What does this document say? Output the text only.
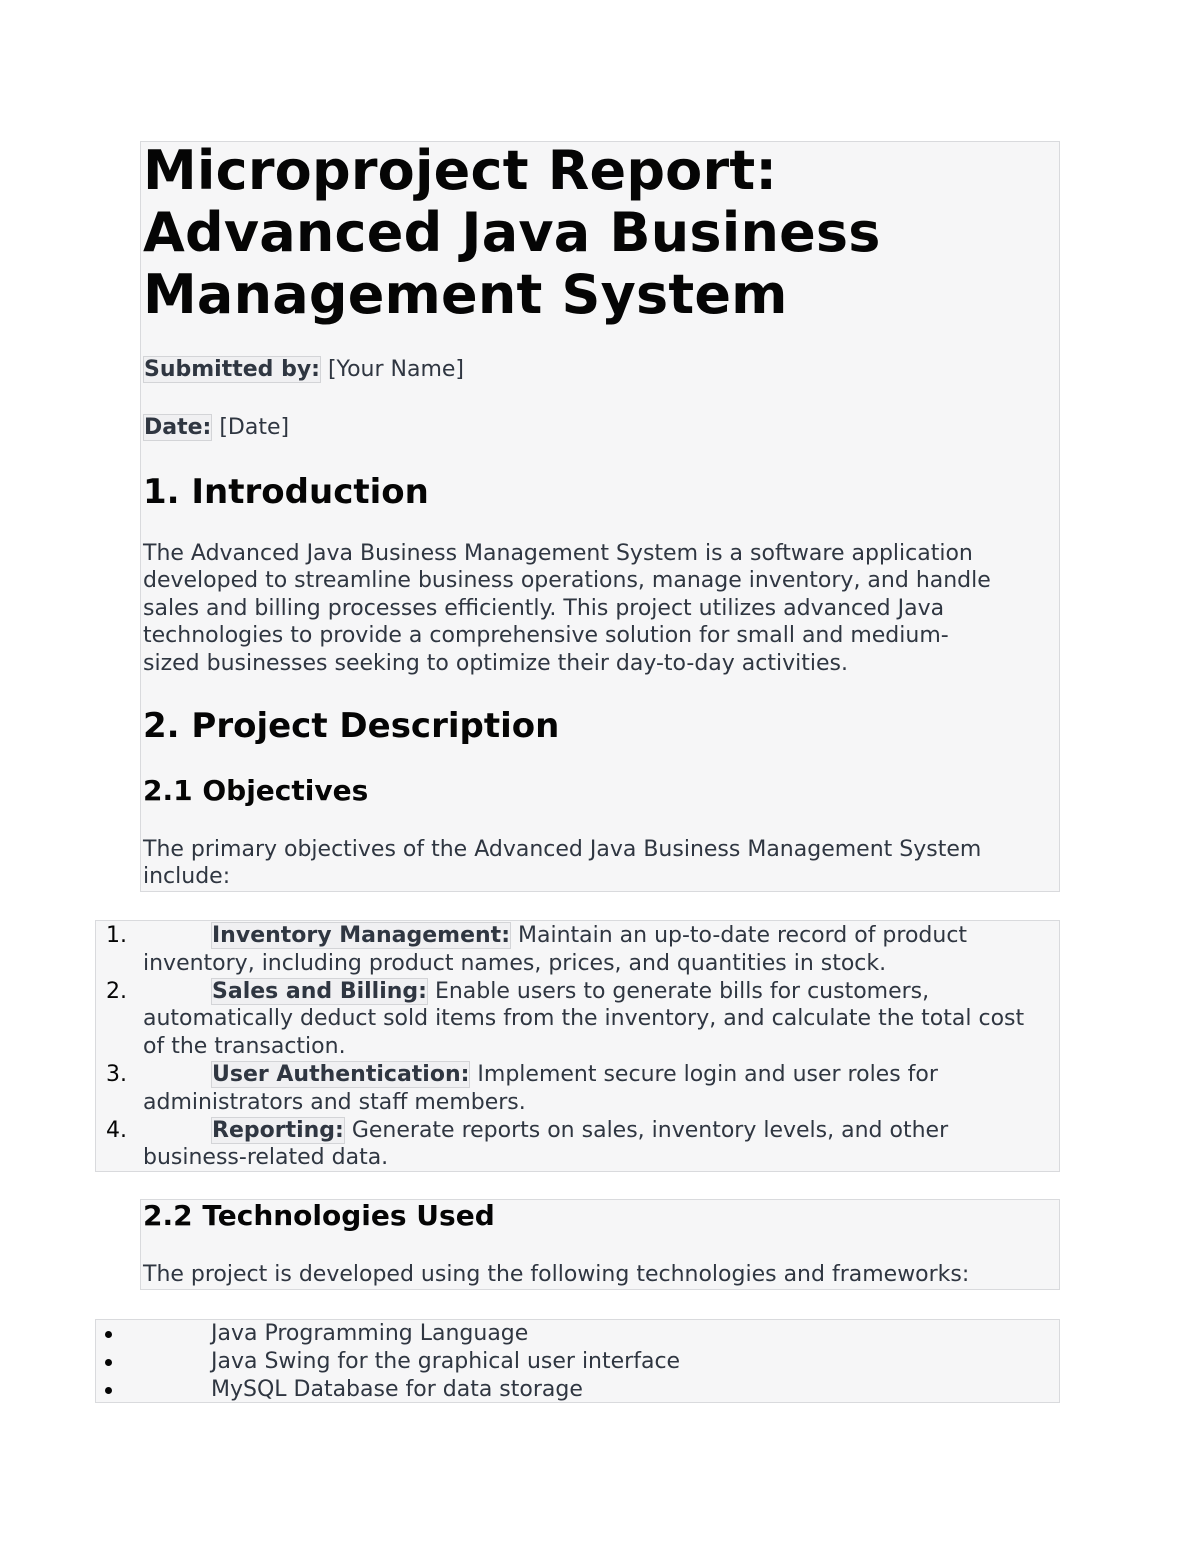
Microproject Report:
Advanced Java Business
Management System

Submitted by: [Your Name]

Date: [Date]

1. Introduction

The Advanced Java Business Management System is a software application
developed to streamline business operations, manage inventory, and handle
sales and billing processes efficiently. This project utilizes advanced Java
technologies to provide a comprehensive solution for small and medium-
sized businesses seeking to optimize their day-to-day activities.

2. Project Description
2.1 Objectives

The primary objectives of the Advanced Java Business Management System
include:

1.	Inventory Management: Maintain an up-to-date record of product inventory, including product names, prices, and quantities in stock.
2.	Sales and Billing: Enable users to generate bills for customers, automatically deduct sold items from the inventory, and calculate the total cost of the transaction.
3.	User Authentication: Implement secure login and user roles for administrators and staff members.
4.	Reporting: Generate reports on sales, inventory levels, and other business-related data.
2.2 Technologies Used

The project is developed using the following technologies and frameworks:

Java Programming Language
Java Swing for the graphical user interface
MySQL Database for data storage
